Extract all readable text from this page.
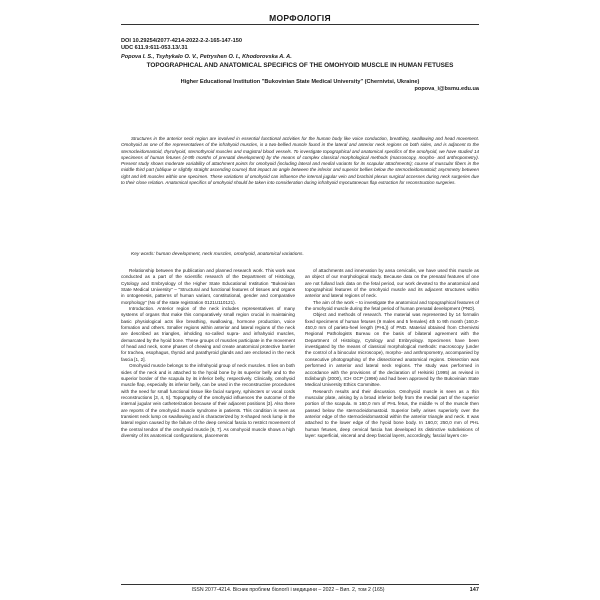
МОРФОЛОГІЯ
DOI 10.29254/2077-4214-2022-2-2-165-147-150
UDC 611.9:611-053.13/.31
Popova I. S., Tsyhykalo O. V., Petryshen O. I., Khodorovska A. A.
TOPOGRAPHICAL AND ANATOMICAL SPECIFICS OF THE OMOHYOID MUSCLE IN HUMAN FETUSES
Higher Educational Institution "Bukovinian State Medical University" (Chernivtsi, Ukraine)
popova_i@bsmu.edu.ua
Structures in the anterior neck region are involved in essential functional activities for the human body like voice conduction, breathing, swallowing and head movement. Omohyoid as one of the representatives of the infrahyoid muscles, is a two-bellied muscle found in the lateral and anterior neck regions on both sides, and is adjacent to the sternocleidomastoid, thyrohyoid, sternothyroid muscles and magistral blood vessels. To investigate topographical and anatomical specifics of the omohyoid, we have studied 14 specimens of human fetuses (4-9th months of prenatal development) by the means of complex classical morphological methods (macroscopy, morpho- and anthropometry). Present study shows moderate variability of attachment points for omohyoid (including lateral and medial variants for its scapular attachments); course of muscular fibers in the middle third part (oblique or slightly straight ascending course) that impact an angle between the inferior and superior bellies below the sternocleidomastoid; asymmetry between right and left muscles within one specimen. These variations of omohyoid can influence the internal jugular vein and brachial plexus surgical accesses during neck surgeries due to their close relation. Anatomical specifics of omohyoid should be taken into consideration during infrahyoid myocutaneous flap extraction for reconstruction surgeries.
Key words: human development, neck muscles, omohyoid, anatomical variations.

Relationship between the publication and planned research work. This work was conducted as a part of the scientific research of the Department of Histology, Cytology and Embryology of the Higher State Educational Institution "Bukovinian State Medical University" – "Structural and functional features of tissues and organs in ontogenesis, patterns of human variant, constitutional, gender and comparative morphology" (No of the state registration 0121U110121).

Introduction. Anterior region of the neck includes representatives of many systems of organs that make this comparatively small region crucial in maintaining basic physiological acts like breathing, swallowing, hormone production, voice formation and others. Smaller regions within anterior and lateral regions of the neck are described as triangles, inholding so-called supra- and infrahyoid muscles, demarcated by the hyoid bone. These groups of muscles participate in the movement of head and neck, some phases of chewing and create anatomical protective barrier for trachea, esophagus, thyroid and parathyroid glands and are enclosed in the neck fascia [1, 2].

Omohyoid muscle belongs to the infrahyoid group of neck muscles. It lies on both sides of the neck and is attached to the hyoid bone by its superior belly and to the superior border of the scapula by its inferior belly, respectively. Clinically, omohyoid muscle flap, especially its inferior belly, can be used in the reconstructive procedures with the need for small functional tissue like facial surgery, sphincters or vocal cords reconstructions [3, 4, 5]. Topography of the omohyoid influences the outcome of the internal jugular vein catheterization because of their adjacent positions [3]. Also there are reports of the omohyoid muscle syndrome in patients. This condition is seen as transient neck lump on swallowing and is characterized by X-shaped neck lump in the lateral region caused by the failure of the deep cervical fascia to restrict movement of the central tendon of the omohyoid muscle [6, 7]. As omohyoid muscle shows a high diversity of its anatomical configurations, placements

of attachments and innervation by ansa cervicalis, we have used this muscle as an object of our morphological study. Because data on the prenatal features of one are not fulland lack data on the fetal period, our work devoted to the anatomical and topographical features of the omohyoid muscle and its adjacent structures within anterior and lateral regions of neck.

The aim of the work – to investigate the anatomical and topographical features of the omohyoid muscle during the fetal period of human prenatal development (PND).

Object and methods of research. The material was represented by 14 formalin fixed specimens of human fetuses (9 males and 5 females) 4th to 9th month (160,0-450,0 mm of parieto-heel length (PHL)) of PND. Material obtained from Chernivtsi Regional Pathologists Bureau on the basis of bilateral agreement with the Department of Histology, Cytology and Embryology. Specimens have been investigated by the means of classical morphological methods: macroscopy (under the control of a binocular microscope), morpho- and anthropometry, accompanied by consecutive photographing of the dissectioned anatomical regions. Dissection was performed in anterior and lateral neck regions. The study was performed in accordance with the provisions of the declaration of Helsinki (1995) as revised in Edinburgh (2000), ICH GCP (1996) and had been approved by the Bukovinian State Medical University Ethics Committee.

Research results and their discussion. Omohyoid muscle is seen as a thin muscular plate, arising by a broad inferior belly from the medial part of the superior portion of the scapula. In 160,0 mm of PHL fetus, the middle ⅓ of the muscle then passed below the sternocleidomastoid. Superior belly arises superiorly over the anterior edge of the sternocleidomastoid within the anterior triangle and neck. It was attached to the lower edge of the hyoid bone body. In 160,0; 250,0 mm of PHL human fetuses, deep cervical fascia has developed its distinctive subdivisions of layer: superficial, visceral and deep fascial layers, accordingly, fascial layers cre-

ISSN 2077-4214. Вісник проблем біології і медицини – 2022 – Вип. 2, том 2 (165)	147
